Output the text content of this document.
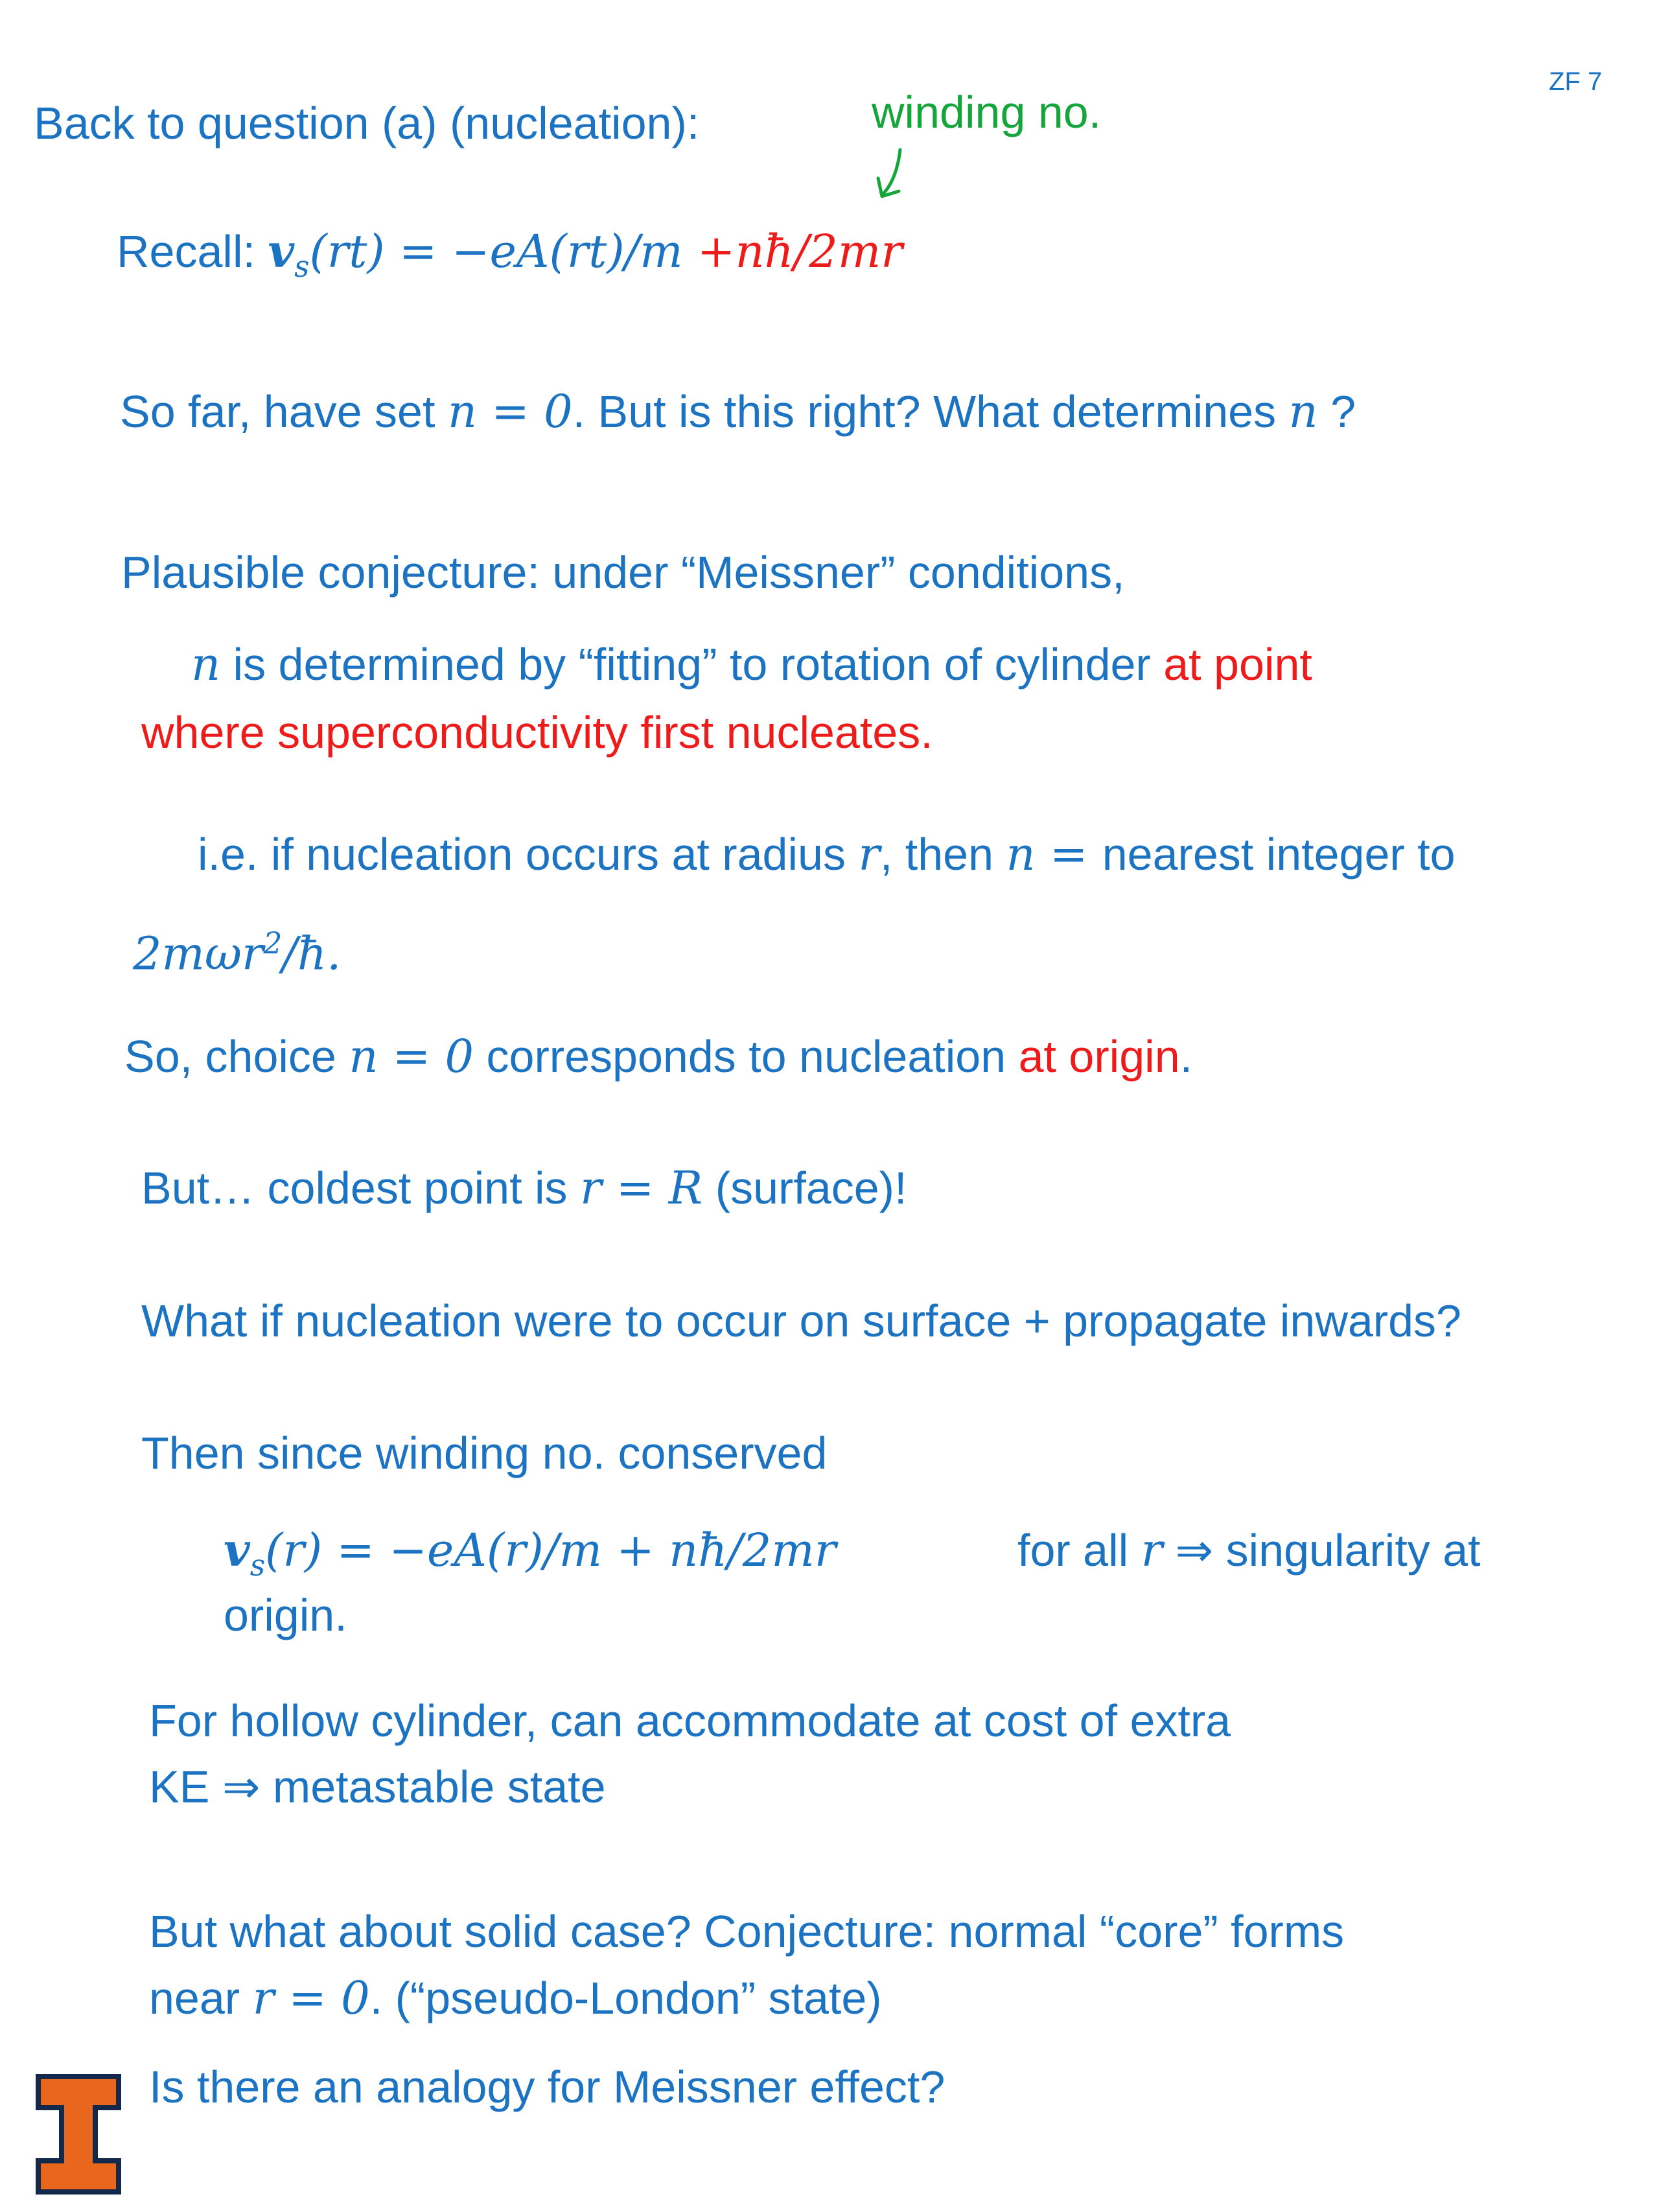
ZF 7
Back to question (a) (nucleation):	winding no.
Recall: $v_s(rt) = -eA(rt)/m$ +nħ/2mr
So far, have set n = 0. But is this right? What determines n ?
Plausible conjecture: under “Meissner” conditions,
n is determined by “fitting” to rotation of cylinder at point
where superconductivity first nucleates.
i.e. if nucleation occurs at radius r, then n = nearest integer to
2mωr$^2$/ħ.
So, choice n = 0 corresponds to nucleation at origin.
But… coldest point is r = R (surface)!
What if nucleation were to occur on surface + propagate inwards?
Then since winding no. conserved
$v_s(r) = -eA(r)/m$ + nħ/2mr	for all r ⇒ singularity at
origin.
For hollow cylinder, can accommodate at cost of extra
KE ⇒ metastable state
But what about solid case? Conjecture: normal “core” forms
near r = 0. (“pseudo-London” state)
Is there an analogy for Meissner effect?
